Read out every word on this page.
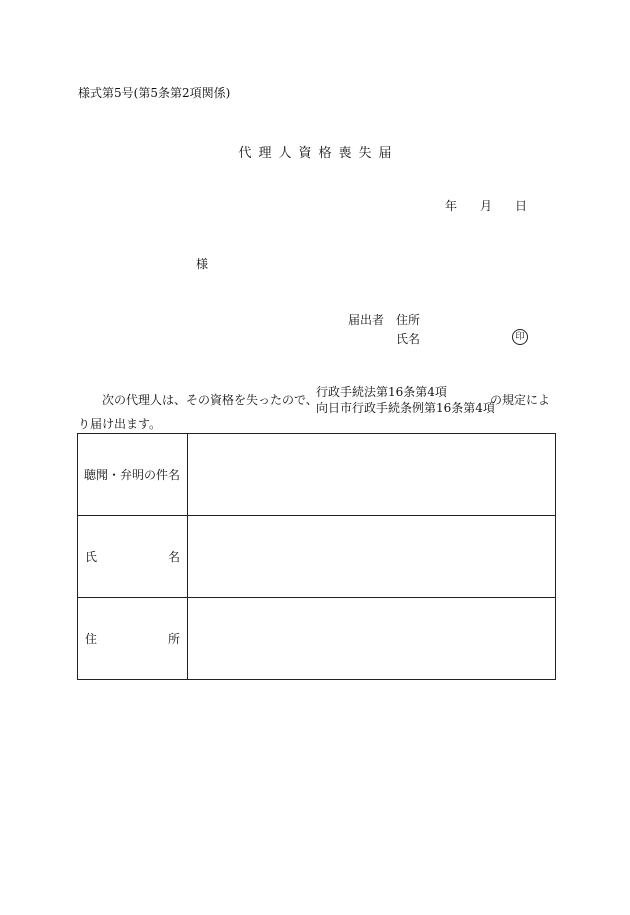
様式第5号(第5条第2項関係)
代理人資格喪失届
年 月 日
様
届出者 住所
氏名	印
次の代理人は、その資格を失ったので、
行政手続法第16条第4項
向日市行政手続条例第16条第4項
の規定によ
り届け出ます。
聴聞・弁明の件名	

氏 名	

住 所	
